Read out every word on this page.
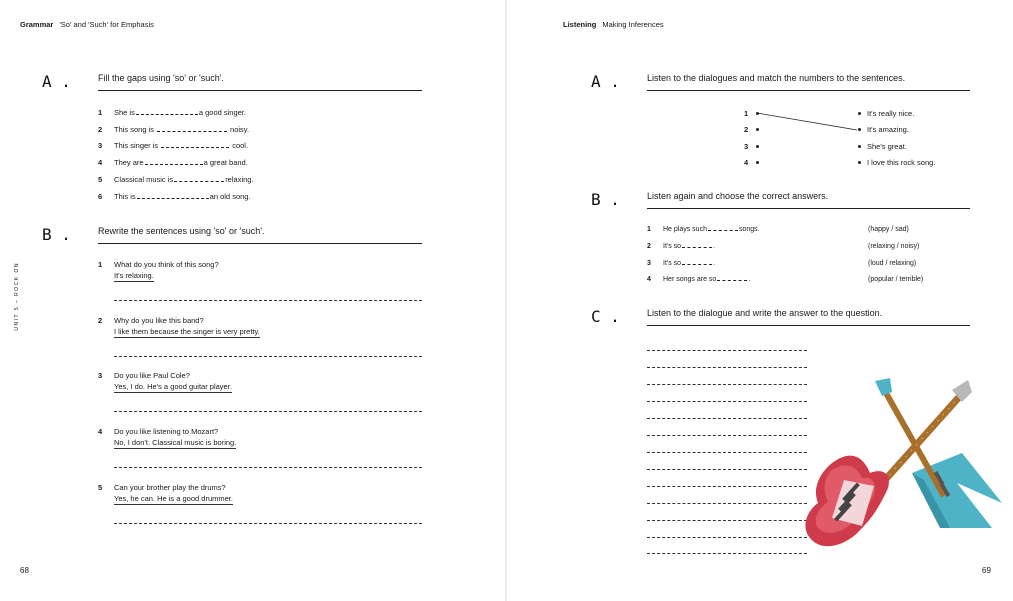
Grammar 'So' and 'Such' for Emphasis
UNIT 5 – ROCK ON
A .	Fill the gaps using 'so' or 'such'.
1	She is	a good singer.
2	This song is	noisy.
3	This singer is	cool.
4	They are	a great band.
5	Classical music is	relaxing.
6	This is	an old song.
B .	Rewrite the sentences using 'so' or 'such'.
1	What do you think of this song?
It's relaxing.
2	Why do you like this band?
I like them because the singer is very pretty.
3	Do you like Paul Cole?
Yes, I do. He's a good guitar player.
4	Do you like listening to Mozart?
No, I don't. Classical music is boring.
5	Can your brother play the drums?
Yes, he can. He is a good drummer.
68
Listening Making Inferences
A .	Listen to the dialogues and match the numbers to the sentences.
1
2
3
4
It's really nice.
It's amazing.
She's great.
I love this rock song.
B .	Listen again and choose the correct answers.
1	He plays such	songs.	(happy / sad)
2	It's so	.	(relaxing / noisy)
3	It's so	.	(loud / relaxing)
4	Her songs are so	.	(popular / terrible)
C .	Listen to the dialogue and write the answer to the question.
69
